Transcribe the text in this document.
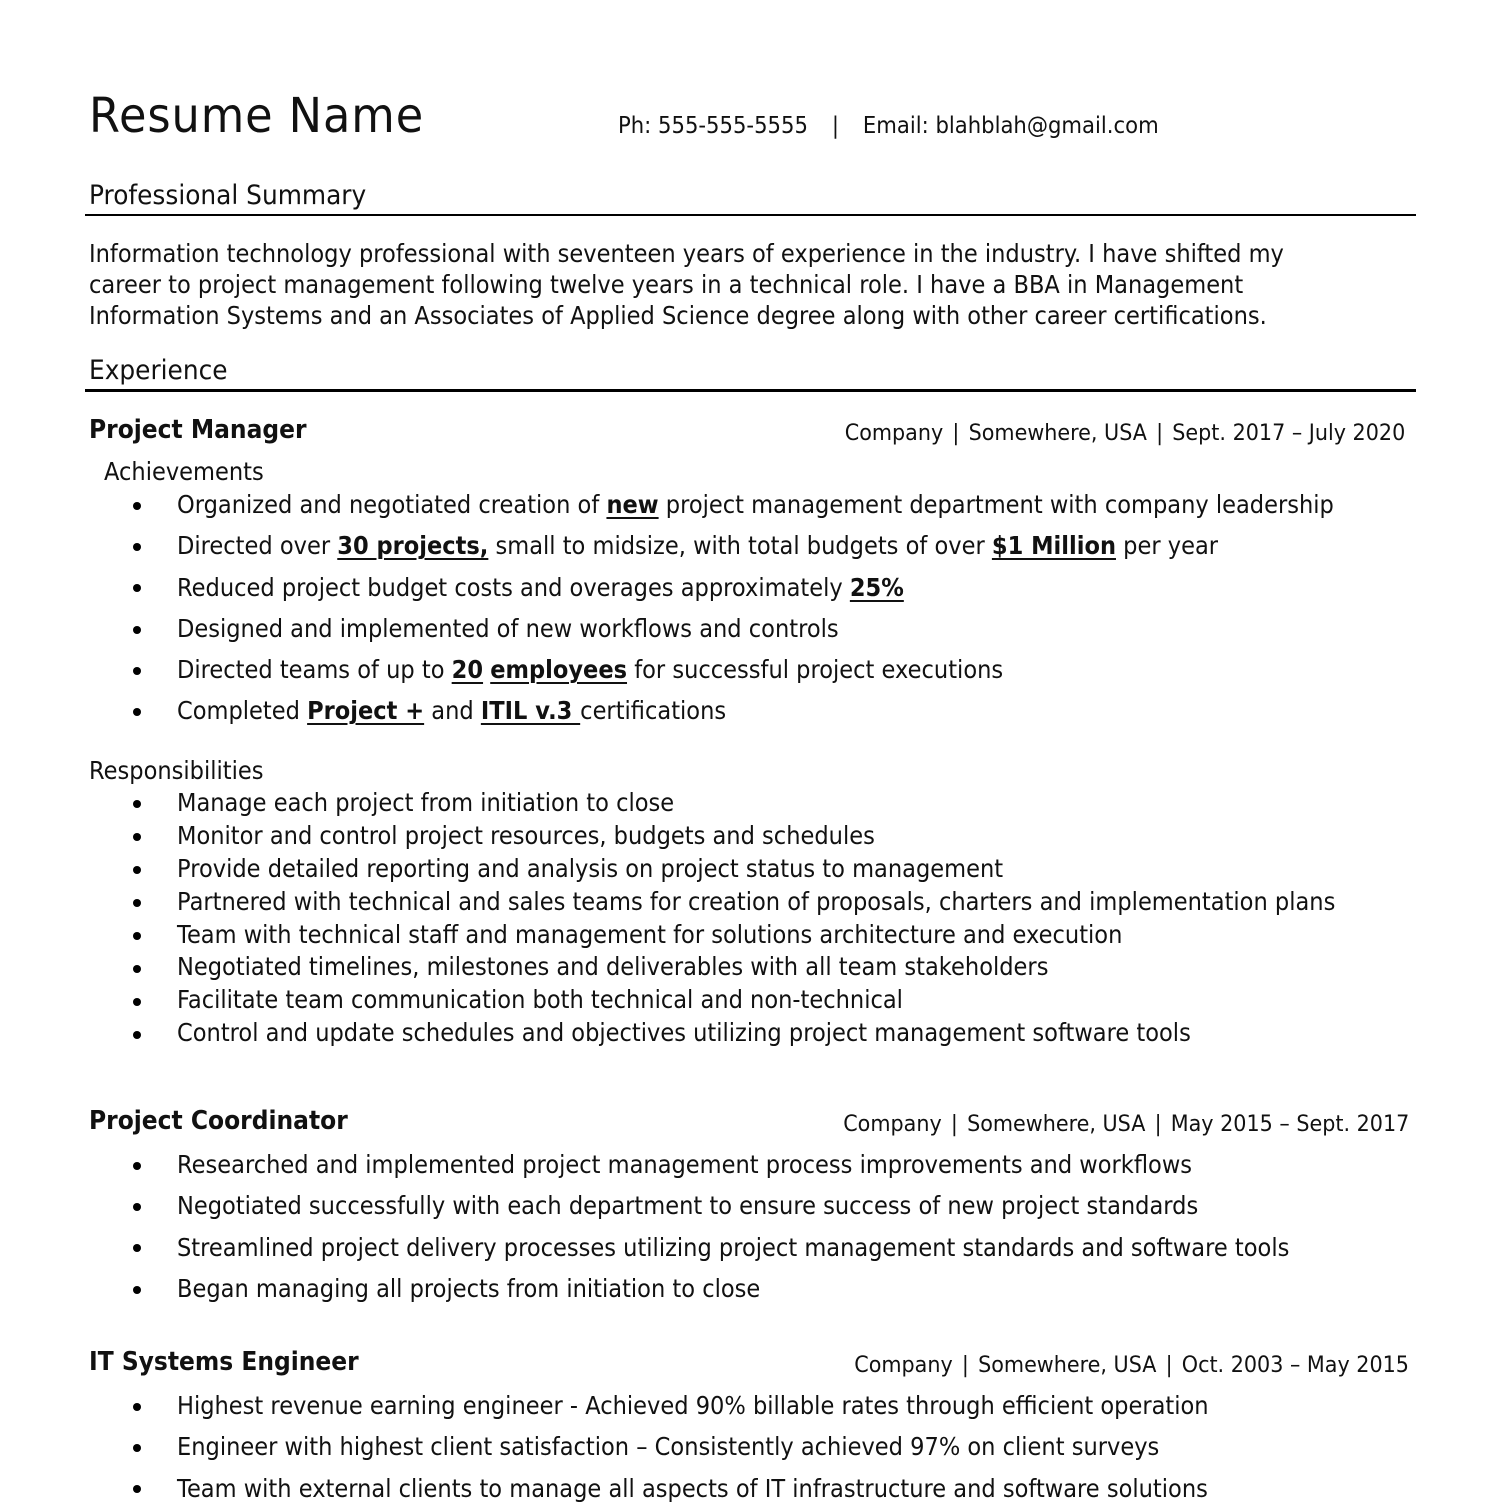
Resume Name	Ph: 555-555-5555 | Email: blahblah@gmail.com
Professional Summary
Information technology professional with seventeen years of experience in the industry. I have shifted my
career to project management following twelve years in a technical role. I have a BBA in Management
Information Systems and an Associates of Applied Science degree along with other career certifications.
Experience
Project Manager	Company | Somewhere, USA | Sept. 2017 – July 2020
Achievements
Organized and negotiated creation of new project management department with company leadership
Directed over 30 projects, small to midsize, with total budgets of over $1 Million per year
Reduced project budget costs and overages approximately 25%
Designed and implemented of new workflows and controls
Directed teams of up to 20 employees for successful project executions
Completed Project + and ITIL v.3 certifications
Responsibilities
Manage each project from initiation to close
Monitor and control project resources, budgets and schedules
Provide detailed reporting and analysis on project status to management
Partnered with technical and sales teams for creation of proposals, charters and implementation plans
Team with technical staff and management for solutions architecture and execution
Negotiated timelines, milestones and deliverables with all team stakeholders
Facilitate team communication both technical and non-technical
Control and update schedules and objectives utilizing project management software tools
Project Coordinator	Company | Somewhere, USA | May 2015 – Sept. 2017
Researched and implemented project management process improvements and workflows
Negotiated successfully with each department to ensure success of new project standards
Streamlined project delivery processes utilizing project management standards and software tools
Began managing all projects from initiation to close
IT Systems Engineer	Company | Somewhere, USA | Oct. 2003 – May 2015
Highest revenue earning engineer - Achieved 90% billable rates through efficient operation
Engineer with highest client satisfaction – Consistently achieved 97% on client surveys
Team with external clients to manage all aspects of IT infrastructure and software solutions
